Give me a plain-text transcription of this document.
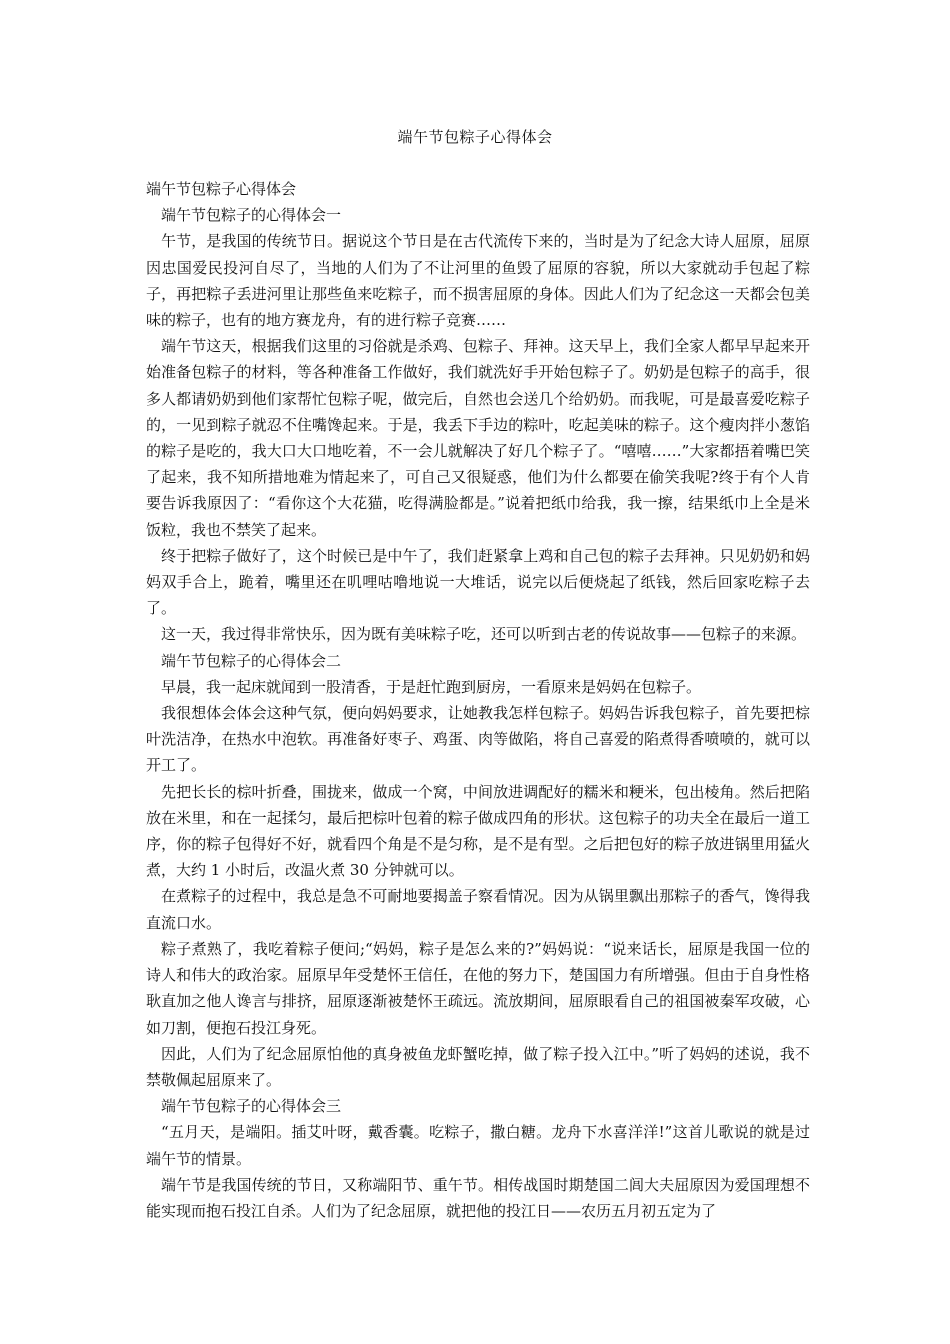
端午节包粽子心得体会

端午节包粽子心得体会

端午节包粽子的心得体会一

午节，是我国的传统节日。据说这个节日是在古代流传下来的，当时是为了纪念大诗人屈原，屈原因忠国爱民投河自尽了，当地的人们为了不让河里的鱼毁了屈原的容貌，所以大家就动手包起了粽子，再把粽子丢进河里让那些鱼来吃粽子，而不损害屈原的身体。因此人们为了纪念这一天都会包美味的粽子，也有的地方赛龙舟，有的进行粽子竞赛……

端午节这天，根据我们这里的习俗就是杀鸡、包粽子、拜神。这天早上，我们全家人都早早起来开始准备包粽子的材料，等各种准备工作做好，我们就洗好手开始包粽子了。奶奶是包粽子的高手，很多人都请奶奶到他们家帮忙包粽子呢，做完后，自然也会送几个给奶奶。而我呢，可是最喜爱吃粽子的，一见到粽子就忍不住嘴馋起来。于是，我丢下手边的粽叶，吃起美味的粽子。这个瘦肉拌小葱馅的粽子是吃的，我大口大口地吃着，不一会儿就解决了好几个粽子了。“嘻嘻……”大家都捂着嘴巴笑了起来，我不知所措地难为情起来了，可自己又很疑惑，他们为什么都要在偷笑我呢?终于有个人肯要告诉我原因了：“看你这个大花猫，吃得满脸都是。”说着把纸巾给我，我一擦，结果纸巾上全是米饭粒，我也不禁笑了起来。

终于把粽子做好了，这个时候已是中午了，我们赶紧拿上鸡和自己包的粽子去拜神。只见奶奶和妈妈双手合上，跪着，嘴里还在叽哩咕噜地说一大堆话，说完以后便烧起了纸钱，然后回家吃粽子去了。

这一天，我过得非常快乐，因为既有美味粽子吃，还可以听到古老的传说故事——包粽子的来源。

端午节包粽子的心得体会二

早晨，我一起床就闻到一股清香，于是赶忙跑到厨房，一看原来是妈妈在包粽子。

我很想体会体会这种气氛，便向妈妈要求，让她教我怎样包粽子。妈妈告诉我包粽子，首先要把棕叶洗洁净，在热水中泡软。再准备好枣子、鸡蛋、肉等做陷，将自己喜爱的陷煮得香喷喷的，就可以开工了。

先把长长的棕叶折叠，围拢来，做成一个窝，中间放进调配好的糯米和粳米，包出棱角。然后把陷放在米里，和在一起揉匀，最后把棕叶包着的粽子做成四角的形状。这包粽子的功夫全在最后一道工序，你的粽子包得好不好，就看四个角是不是匀称，是不是有型。之后把包好的粽子放进锅里用猛火煮，大约 1 小时后，改温火煮 30 分钟就可以。

在煮粽子的过程中，我总是急不可耐地要揭盖子察看情况。因为从锅里飘出那粽子的香气，馋得我直流口水。

粽子煮熟了，我吃着粽子便问;“妈妈，粽子是怎么来的?”妈妈说：“说来话长，屈原是我国一位的诗人和伟大的政治家。屈原早年受楚怀王信任，在他的努力下，楚国国力有所增强。但由于自身性格耿直加之他人谗言与排挤，屈原逐渐被楚怀王疏远。流放期间，屈原眼看自己的祖国被秦军攻破，心如刀割，便抱石投江身死。

因此，人们为了纪念屈原怕他的真身被鱼龙虾蟹吃掉，做了粽子投入江中。”听了妈妈的述说，我不禁敬佩起屈原来了。

端午节包粽子的心得体会三

“五月天，是端阳。插艾叶呀，戴香囊。吃粽子，撒白糖。龙舟下水喜洋洋!”这首儿歌说的就是过端午节的情景。

端午节是我国传统的节日，又称端阳节、重午节。相传战国时期楚国二闾大夫屈原因为爱国理想不能实现而抱石投江自杀。人们为了纪念屈原，就把他的投江日——农历五月初五定为了
